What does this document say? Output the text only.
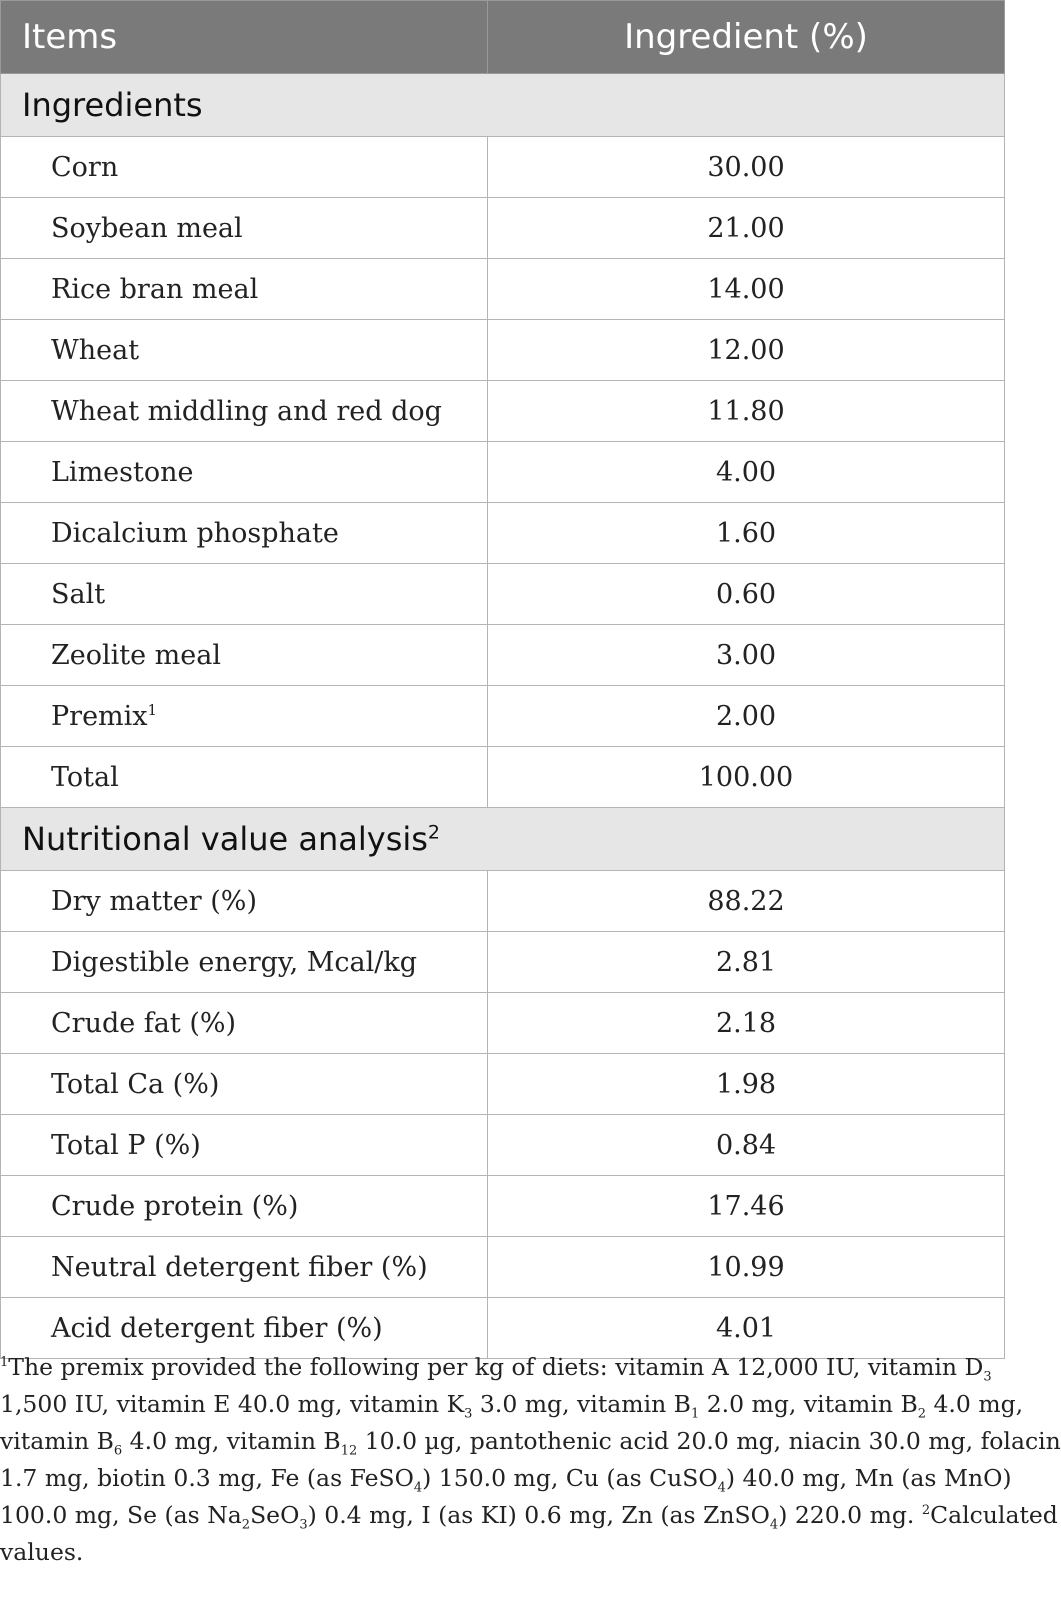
Items	Ingredient (%)
Ingredients	
Corn	30.00
Soybean meal	21.00
Rice bran meal	14.00
Wheat	12.00
Wheat middling and red dog	11.80
Limestone	4.00
Dicalcium phosphate	1.60
Salt	0.60
Zeolite meal	3.00
Premix$^1$	2.00
Total	100.00
Nutritional value analysis$^2$
Dry matter (%)	88.22
Digestible energy, Mcal/kg	2.81
Crude fat (%)	2.18
Total Ca (%)	1.98
Total P (%)	0.84
Crude protein (%)	17.46
Neutral detergent fiber (%)	10.99
Acid detergent fiber (%)	4.01
$^1$The premix provided the following per kg of diets: vitamin A 12,000 IU, vitamin $D_3$
1,500 IU, vitamin E 40.0 mg, vitamin $K_3$ 3.0 mg, vitamin $B_1$ 2.0 mg, vitamin $B_2$ 4.0 mg,
vitamin $B_6$ 4.0 mg, vitamin $B_{12}$ 10.0 µg, pantothenic acid 20.0 mg, niacin 30.0 mg, folacin
1.7 mg, biotin 0.3 mg, Fe (as FeSO$_4$) 150.0 mg, Cu (as CuSO$_4$) 40.0 mg, Mn (as MnO)
100.0 mg, Se (as $Na_2SeO_3$) 0.4 mg, I (as KI) 0.6 mg, Zn (as ZnSO$_4$) 220.0 mg. $^2$Calculated
values.
